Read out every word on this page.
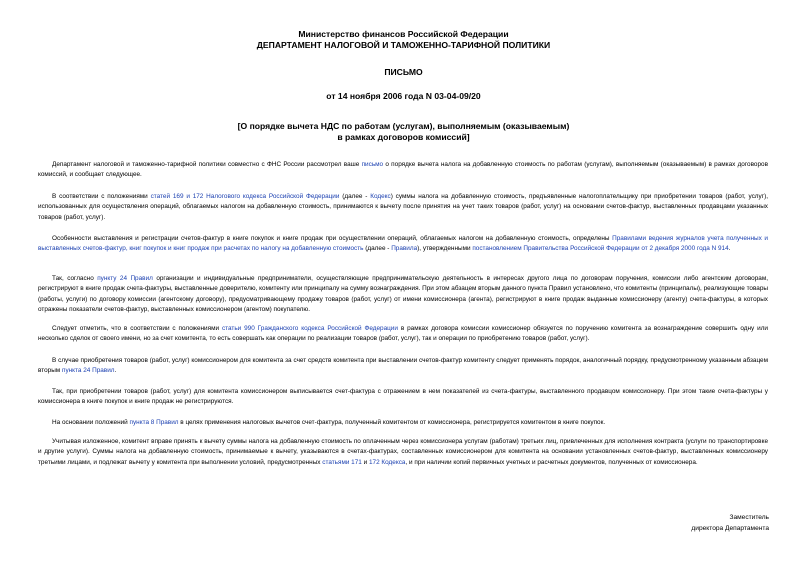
Министерство финансов Российской Федерации

ДЕПАРТАМЕНТ НАЛОГОВОЙ И ТАМОЖЕННО-ТАРИФНОЙ ПОЛИТИКИ

ПИСЬМО

от 14 ноября 2006 года N 03-04-09/20

[О порядке вычета НДС по работам (услугам), выполняемым (оказываемым)

в рамках договоров комиссий]

Департамент налоговой и таможенно-тарифной политики совместно с ФНС России рассмотрел ваше письмо о порядке вычета налога на добавленную стоимость по работам (услугам), выполняемым (оказываемым) в рамках договоров комиссий, и сообщает следующее.

В соответствии с положениями статей 169 и 172 Налогового кодекса Российской Федерации (далее - Кодекс) суммы налога на добавленную стоимость, предъявленные налогоплательщику при приобретении товаров (работ, услуг), использованных для осуществления операций, облагаемых налогом на добавленную стоимость, принимаются к вычету после принятия на учет таких товаров (работ, услуг) на основании счетов-фактур, выставленных продавцами указанных товаров (работ, услуг).

Особенности выставления и регистрации счетов-фактур в книге покупок и книге продаж при осуществлении операций, облагаемых налогом на добавленную стоимость, определены Правилами ведения журналов учета полученных и выставленных счетов-фактур, книг покупок и книг продаж при расчетах по налогу на добавленную стоимость (далее - Правила), утвержденными постановлением Правительства Российской Федерации от 2 декабря 2000 года N 914.

Так, согласно пункту 24 Правил организации и индивидуальные предприниматели, осуществляющие предпринимательскую деятельность в интересах другого лица по договорам поручения, комиссии либо агентским договорам, регистрируют в книге продаж счета-фактуры, выставленные доверителю, комитенту или принципалу на сумму вознаграждения. При этом абзацем вторым данного пункта Правил установлено, что комитенты (принципалы), реализующие товары (работы, услуги) по договору комиссии (агентскому договору), предусматривающему продажу товаров (работ, услуг) от имени комиссионера (агента), регистрируют в книге продаж выданные комиссионеру (агенту) счета-фактуры, в которых отражены показатели счетов-фактур, выставленных комиссионером (агентом) покупателю.

Следует отметить, что в соответствии с положениями статьи 990 Гражданского кодекса Российской Федерации в рамках договора комиссии комиссионер обязуется по поручению комитента за вознаграждение совершить одну или несколько сделок от своего имени, но за счет комитента, то есть совершать как операции по реализации товаров (работ, услуг), так и операции по приобретению товаров (работ, услуг).

В случае приобретения товаров (работ, услуг) комиссионером для комитента за счет средств комитента при выставлении счетов-фактур комитенту следует применять порядок, аналогичный порядку, предусмотренному указанным абзацем вторым пункта 24 Правил.

Так, при приобретении товаров (работ, услуг) для комитента комиссионером выписывается счет-фактура с отражением в нем показателей из счета-фактуры, выставленного продавцом комиссионеру. При этом такие счета-фактуры у комиссионера в книге покупок и книге продаж не регистрируются.

На основании положений пункта 8 Правил в целях применения налоговых вычетов счет-фактура, полученный комитентом от комиссионера, регистрируется комитентом в книге покупок.

Учитывая изложенное, комитент вправе принять к вычету суммы налога на добавленную стоимость по оплаченным через комиссионера услугам (работам) третьих лиц, привлеченных для исполнения контракта (услуги по транспортировке и другие услуги). Суммы налога на добавленную стоимость, принимаемые к вычету, указываются в счетах-фактурах, составленных комиссионером для комитента на основании установленных счетов-фактур, выставленных комиссионеру третьими лицами, и подлежат вычету у комитента при выполнении условий, предусмотренных статьями 171 и 172 Кодекса, и при наличии копий первичных учетных и расчетных документов, полученных от комиссионера.

Заместитель

директора Департамента
